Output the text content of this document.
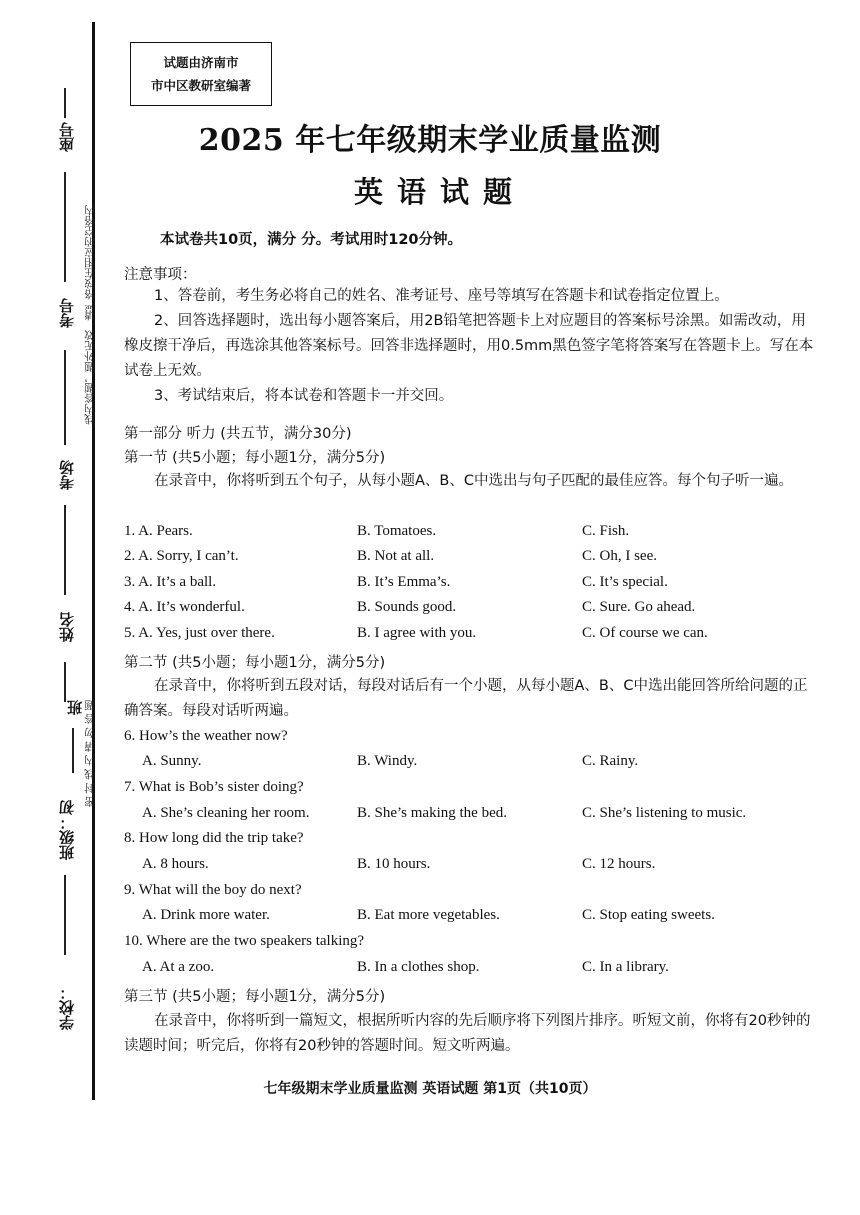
座号
请严格按在相应的空格内
考号
线内答题，题外无效
考场
姓名
班
班级：初
密 封 线 内 请 勿 答 题
学校：
试题由济南市
市中区教研室编著
2025 年七年级期末学业质量监测
英语试题
本试卷共10页，满分 分。考试用时120分钟。
注意事项：
1、答卷前，考生务必将自己的姓名、准考证号、座号等填写在答题卡和试卷指定位置上。
2、回答选择题时，选出每小题答案后，用2B铅笔把答题卡上对应题目的答案标号涂黑。如需改动，用橡皮擦干净后，再选涂其他答案标号。回答非选择题时，用0.5mm黑色签字笔将答案写在答题卡上。写在本试卷上无效。
3、考试结束后，将本试卷和答题卡一并交回。
第一部分 听力 (共五节，满分30分)
第一节 (共5小题；每小题1分，满分5分)
在录音中，你将听到五个句子，从每小题A、B、C中选出与句子匹配的最佳应答。每个句子听一遍。
1. A. Pears.	B. Tomatoes.	C. Fish.
2. A. Sorry, I can’t.	B. Not at all.	C. Oh, I see.
3. A. It’s a ball.	B. It’s Emma’s.	C. It’s special.
4. A. It’s wonderful.	B. Sounds good.	C. Sure. Go ahead.
5. A. Yes, just over there.	B. I agree with you.	C. Of course we can.
第二节 (共5小题；每小题1分，满分5分)
在录音中，你将听到五段对话，每段对话后有一个小题，从每小题A、B、C中选出能回答所给问题的正确答案。每段对话听两遍。
6. How’s the weather now?
A. Sunny.	B. Windy.	C. Rainy.
7. What is Bob’s sister doing?
A. She’s cleaning her room.	B. She’s making the bed.	C. She’s listening to music.
8. How long did the trip take?
A. 8 hours.	B. 10 hours.	C. 12 hours.
9. What will the boy do next?
A. Drink more water.	B. Eat more vegetables.	C. Stop eating sweets.
10. Where are the two speakers talking?
A. At a zoo.	B. In a clothes shop.	C. In a library.
第三节 (共5小题；每小题1分，满分5分)
在录音中，你将听到一篇短文，根据所听内容的先后顺序将下列图片排序。听短文前，你将有20秒钟的读题时间；听完后，你将有20秒钟的答题时间。短文听两遍。
七年级期末学业质量监测 英语试题 第1页（共10页）
